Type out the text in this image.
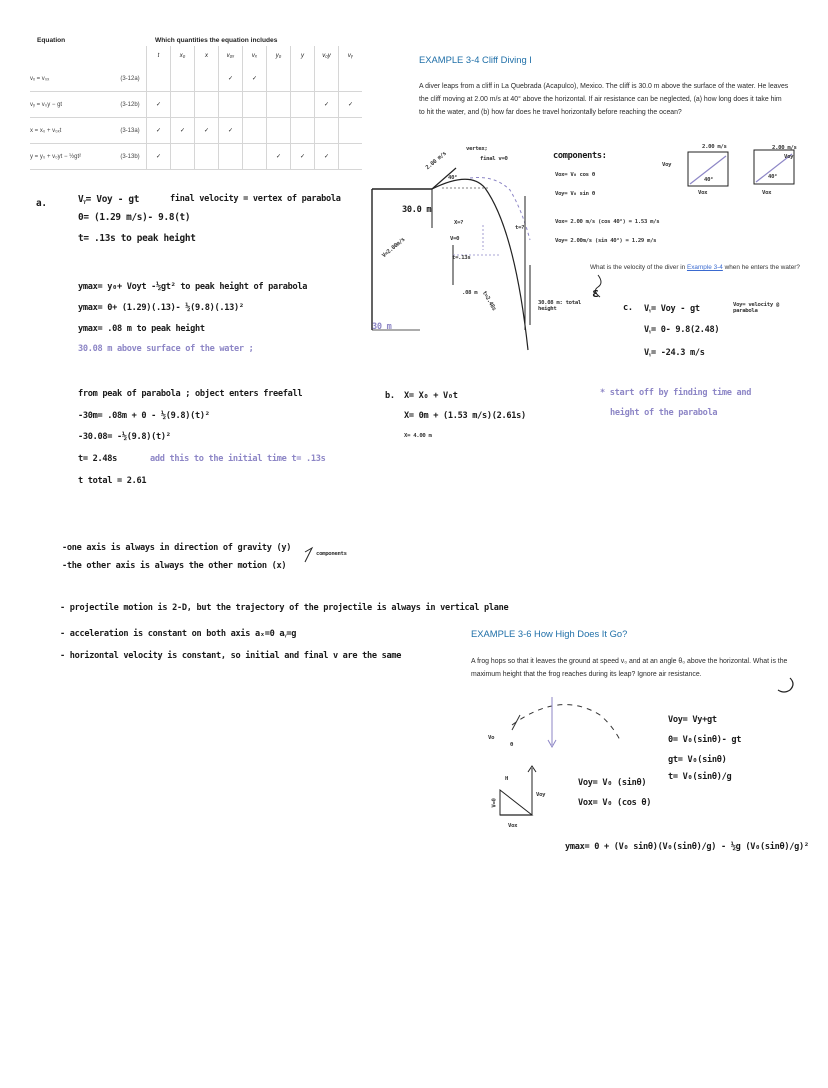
Equation	Which quantities the equation includes
		t	x₀	x	v₀ₓ	vₓ	y₀	y	v₀y	vᵧ
vₓ = v₀ₓ	(3-12a)				✓	✓				
vᵧ = v₀y − gt	(3-12b)	✓							✓	✓
x = x₀ + v₀ₓt	(3-13a)	✓	✓	✓	✓					
y = y₀ + v₀yt − ½gt²	(3-13b)	✓					✓	✓	✓	
EXAMPLE 3-4 Cliff Diving I
A diver leaps from a cliff in La Quebrada (Acapulco), Mexico. The cliff is 30.0 m above the surface of the water. He leaves the cliff moving at 2.00 m/s at 40° above the horizontal. If air resistance can be neglected, (a) how long does it take him to hit the water, and (b) how far does he travel horizontally before reaching the ocean?
a.	Vᵧ= Voy - gt	final velocity = vertex of parabola
0= (1.29 m/s)- 9.8(t)
t= .13s to peak height
ymax= y₀+ Voyt -½gt² to peak height of parabola
ymax= 0+ (1.29)(.13)- ½(9.8)(.13)²
ymax= .08 m to peak height
30.08 m above surface of the water ;
from peak of parabola ; object enters freefall
-30m= .08m + 0 - ½(9.8)(t)²
-30.08= -½(9.8)(t)²
t= 2.48s	add this to the initial time t= .13s
t total = 2.61
30.0 m
30 m
2.00 m/s
40°
vertex;
final v=0
X=?
t=?
V=0
V=2.00m/s	t=.13s
.08 m t=2.48s	30.08 m: total height
components:
Vox= V₀ cos θ
Voy= V₀ sin θ
Vox= 2.00 m/s (cos 40°) = 1.53 m/s
Voy= 2.00m/s (sin 40°) = 1.29 m/s
Voy
Vox
2.00 m/s
40°
Voy
Vox
2.00 m/s
40°
What is the velocity of the diver in Example 3-4 when he enters the water?
ε
c. Vᵧ= Voy - gt	Voy= velocity @ parabola
Vᵧ= 0- 9.8(2.48)
Vᵧ= -24.3 m/s
b. X= X₀ + V₀t
X= 0m + (1.53 m/s)(2.61s)
X= 4.00 m
* start off by finding time and
height of the parabola
-one axis is always in direction of gravity (y)
-the other axis is always the other motion (x)
components
- projectile motion is 2-D, but the trajectory of the projectile is always in vertical plane
- acceleration is constant on both axis aₓ=0 aᵧ=g
- horizontal velocity is constant, so initial and final v are the same
EXAMPLE 3-6 How High Does It Go?
A frog hops so that it leaves the ground at speed v₀ and at an angle θ₀ above the horizontal. What is the maximum height that the frog reaches during its leap? Ignore air resistance.
Vo
θ
H
V=0
Voy
Vox
Voy= Vy+gt
0= V₀(sinθ)- gt
gt= V₀(sinθ)
t= V₀(sinθ)/g
Voy= V₀ (sinθ)
Vox= V₀ (cos θ)
ymax= 0 + (V₀ sinθ)(V₀(sinθ)/g) - ½g (V₀(sinθ)/g)²
